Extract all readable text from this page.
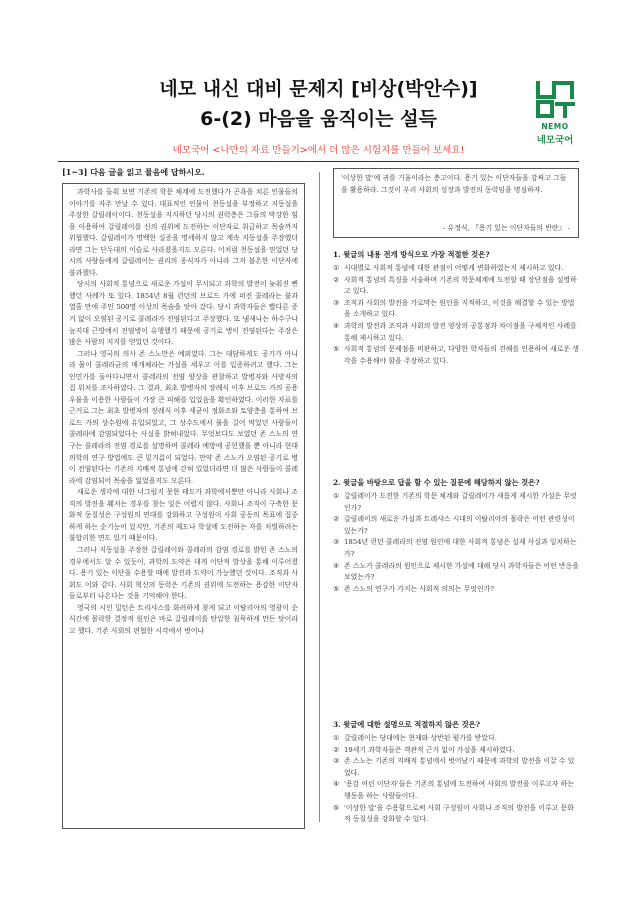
네모 내신 대비 문제지 [비상(박안수)]
6-(2) 마음을 움직이는 설득
네모국어 <나만의 자료 만들기>에서 더 많은 시험지를 만들어 보세요!
NEMO
네모국어
[1~3] 다음 글을 읽고 물음에 답하시오.

과학사를 들춰 보면 기존의 학문 체계에 도전했다가 곤욕을 치른 인물들의 이야기를 자주 만날 수 있다. 대표적인 인물이 천동설을 부정하고 지동설을 주장한 갈릴레이이다. 천동설을 지지하던 당시의 권력층은 그들의 막강한 힘을 이용하여 갈릴레이를 신의 권위에 도전하는 이단자로 취급하고 목숨까지 위협했다. 갈릴레이가 명백한 실증을 명세하지 않고 계속 지동설을 주장했더라면 그는 단두대의 이슬로 사라졌을지도 모른다. 이처럼 천동설을 믿었던 당시의 사람들에게 갈릴레이는 권리의 종식자가 아니라 그저 불온한 이단자에 불과했다.

당시의 사회적 통념으로 새로운 가설이 무시되고 과학의 발전이 늦춰진 뻔했던 사례가 또 있다. 1854년 8월 런던의 브로드 가에 퍼진 콜레라는 불과 열흘 만에 주민 500명 이상의 목숨을 앗아 갔다. 당시 과학자들은 빨다른 증거 없이 오염된 공기로 콜레라가 전염된다고 주장했다. 또 냄새나는 하수구나 늪지대 근방에서 전염병이 유행했기 때문에 공기로 병이 전염된다는 주장은 많은 사람의 지지를 얻었던 것이다.

그러나 영국의 의사 존 스노만은 예외였다. 그는 대담하게도 공기가 아니라 물이 콜레라균의 매개체라는 가설을 세우고 이를 입증하려고 했다. 그는 인민가를 돌아다니면서 콜레라의 전염 양상을 관찰하고 발병자와 사망자의 집 위치를 조사하였다. 그 결과, 최초 발병자의 장례식 이후 브로드 가의 공용 우물을 이용한 사람들이 가장 큰 피해를 입었음을 확인하였다. 이러한 자료를 근거로 그는 최초 발병자의 장례식 이후 세균이 정화조와 토양층을 통하여 브로드 가의 상수원에 유입되었고, 그 상수도에서 물을 길어 먹었던 사람들이 콜레라에 감염되었다는 사실을 밝혀내었다. 무엇보다도 보였던 존 스노의 연구는 콜레라의 전염 경로를 설명하며 콜레라 예방에 공헌했을 뿐 아니라 현대 의학의 연구 방법에도 큰 밑거름이 되었다. 만약 존 스노가 오염된 공기로 병이 전염된다는 기존의 지배적 통념에 갇혀 있었더라면 더 많은 사람들이 콜레라에 감염되어 목숨을 잃었을지도 모른다.

새로운 생각에 대한 너그럽지 못한 태도가 과학에서뿐만 아니라 사회나 조직의 발전을 훼저는 경우를 찾는 일은 어렵지 않다. 사회나 조직이 구축한 문화적 동질성은 구성원의 연대를 강화하고 구성원이 사회 공동의 목표에 집중하게 하는 순기능이 있지만, 기존의 제도나 학설에 도전하는 자를 처벌하려는 불합리한 면도 있기 때문이다.

그러나 지동설을 주장한 갈릴레이와 콜레라의 감염 경로를 밝힌 존 스노의 경우에서도 알 수 있듯이, 과학의 도약은 대게 이단적 발상을 통해 이루어졌다. 용기 있는 이단을 수용할 때에 발전과 도약이 가능했던 것이다. 조직과 사회도 이와 같다. 사회 혁신의 동력은 기존의 권위에 도전하는 용감한 이단자들로부터 나온다는 것을 기억해야 한다.

영국의 시인 밀턴은 트리샤스를 화려하게 찾게 되고 이탈리아의 영광이 순식간에 몰락한 결정적 원인은 바로 갈릴레이를 탄압한 침묵하게 만든 탓이라고 했다. 기존 사회의 편협한 시각에서 벗어나

'이상한 말'에 귀를 기울이라는 충고이다. 용기 있는 이단자들을 감싸고 그들을 활용하라. 그것이 우리 사회의 성장과 발전의 동력임을 명심하자.

- 유정식, 『용기 있는 이단자들의 반란』 -
1. 윗글의 내용 전개 방식으로 가장 적절한 것은?
① 시대별로 사회적 통념에 대한 관점이 어떻게 변화하였는지 제시하고 있다.
② 사회적 통념의 특징을 서술하며 기존의 학문체계에 도전할 때 장단점을 설명하고 있다.
③ 조직과 사회의 발전을 가로막는 원인을 지적하고, 이것을 해결할 수 있는 방법을 소개하고 있다.
④ 과학의 발전과 조직과 사회의 발전 양상의 공통점과 차이점을 구체적인 사례를 통해 제시하고 있다.
⑤ 사회적 통념의 문제점을 비판하고, 다양한 학자들의 견해를 인용하여 새로운 생각을 수용해야 함을 주장하고 있다.
2. 윗글을 바탕으로 답을 할 수 있는 질문에 해당하지 않는 것은?
① 갈릴레이가 도전한 기존의 학문 체계와 갈릴레이가 새롭게 제시한 가설은 무엇인가?
② 갈릴레이의 새로운 가설과 트레샤스 시대의 이탈리아의 몰락은 어떤 관련성이 있는가?
③ 1854년 런던 콜레라의 전염 원인에 대한 사회적 통념은 실제 사실과 일치하는가?
④ 존 스노가 콜레라의 원인으로 제시한 가설에 대해 당시 과학자들은 어떤 반응을 보였는가?
⑤ 존 스노의 연구가 가지는 사회적 의의는 무엇인가?
3. 윗글에 대한 설명으로 적절하지 않은 것은?
① 갈릴레이는 당대에는 현재와 상반된 평가를 받았다.
② 19세기 과학자들은 객관적 근거 없이 가설을 제시하였다.
③ 존 스노는 기존의 지배적 통념에서 벗어났기 때문에 과학의 발전을 이끌 수 있었다.
④ '용감 어린 이단자'들은 기존의 통념에 도전하여 사회의 발전을 이루고자 하는 행동을 하는 사람들이다.
⑤ '이상한 말'을 수용함으로써 사회 구성원이 사회나 조직의 발전을 이루고 문화적 동질성을 강화할 수 있다.
